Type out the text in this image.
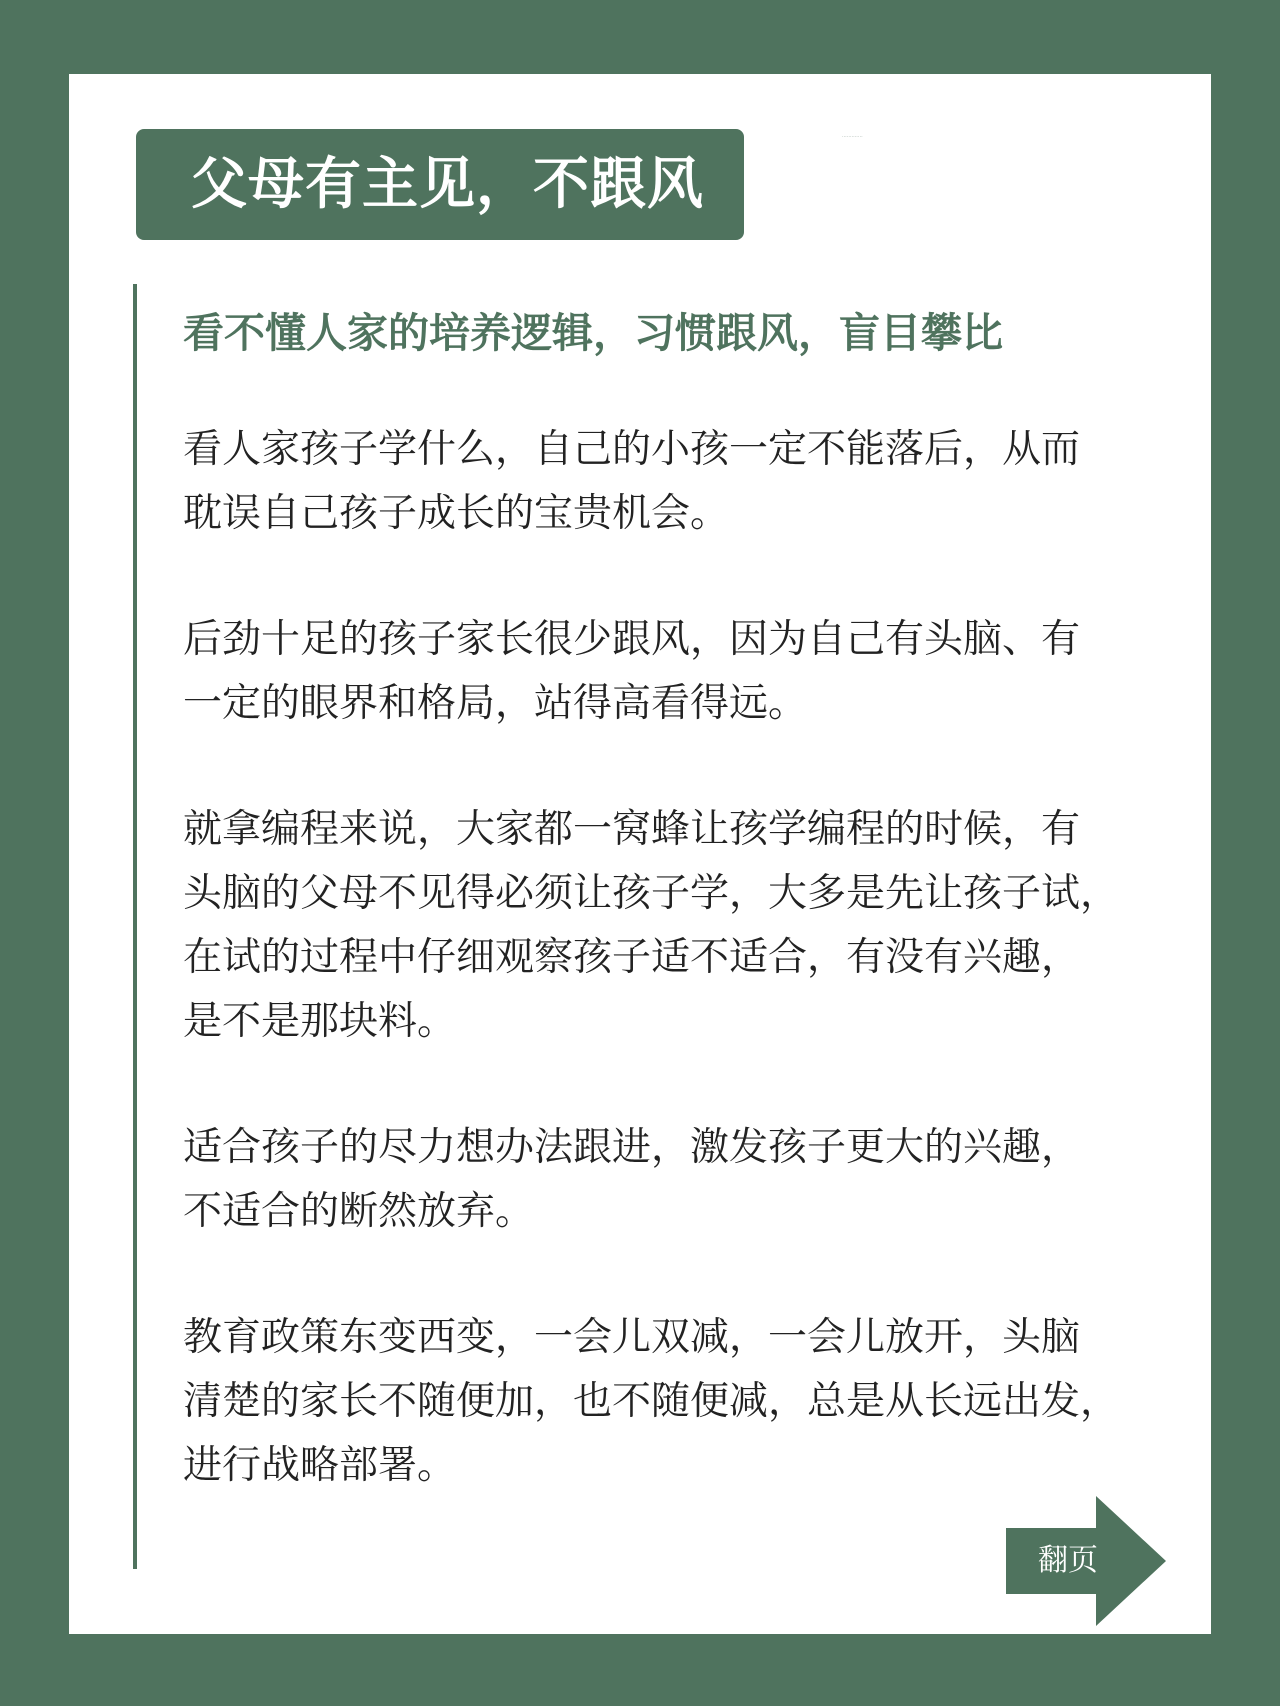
父母有主见，不跟风
·············
看不懂人家的培养逻辑，习惯跟风，盲目攀比
看人家孩子学什么，自己的小孩一定不能落后，从而
耽误自己孩子成长的宝贵机会。
后劲十足的孩子家长很少跟风，因为自己有头脑、有
一定的眼界和格局，站得高看得远。
就拿编程来说，大家都一窝蜂让孩学编程的时候，有
头脑的父母不见得必须让孩子学，大多是先让孩子试，
在试的过程中仔细观察孩子适不适合，有没有兴趣，
是不是那块料。
适合孩子的尽力想办法跟进，激发孩子更大的兴趣，
不适合的断然放弃。
教育政策东变西变，一会儿双减，一会儿放开，头脑
清楚的家长不随便加，也不随便减，总是从长远出发，
进行战略部署。
翻页
